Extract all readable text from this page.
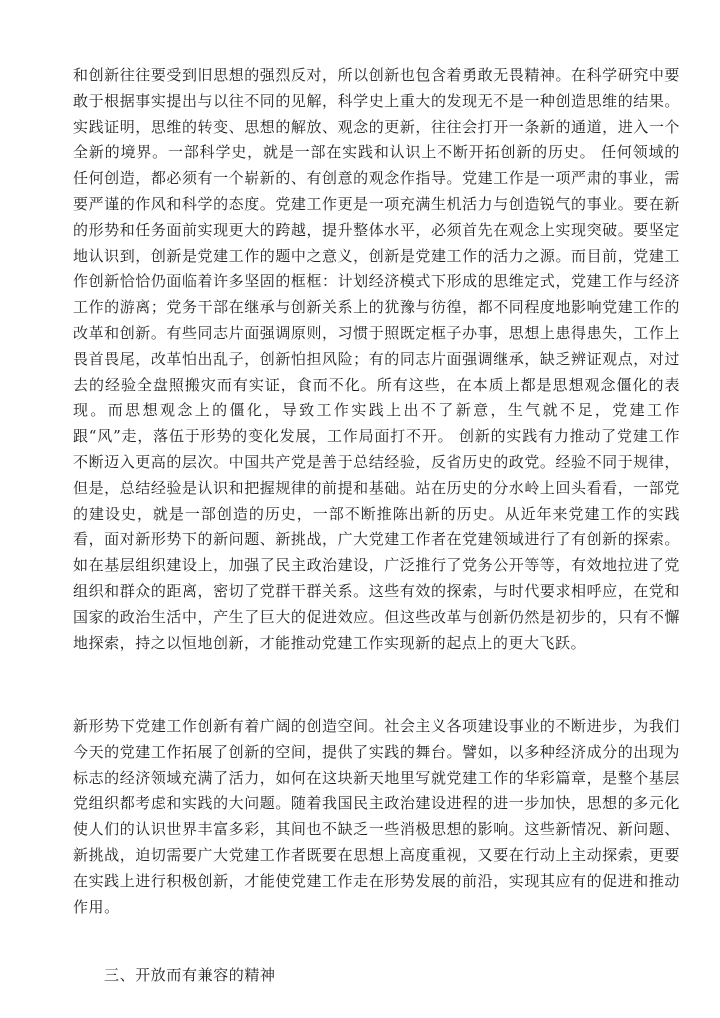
和创新往往要受到旧思想的强烈反对，所以创新也包含着勇敢无畏精神。在科学研究中要敢于根据事实提出与以往不同的见解，科学史上重大的发现无不是一种创造思维的结果。实践证明，思维的转变、思想的解放、观念的更新，往往会打开一条新的通道，进入一个全新的境界。一部科学史，就是一部在实践和认识上不断开拓创新的历史。 任何领域的任何创造，都必须有一个崭新的、有创意的观念作指导。党建工作是一项严肃的事业，需要严谨的作风和科学的态度。党建工作更是一项充满生机活力与创造锐气的事业。要在新的形势和任务面前实现更大的跨越，提升整体水平，必须首先在观念上实现突破。要坚定地认识到，创新是党建工作的题中之意义，创新是党建工作的活力之源。而目前，党建工作创新恰恰仍面临着许多坚固的框框：计划经济模式下形成的思维定式，党建工作与经济工作的游离；党务干部在继承与创新关系上的犹豫与彷徨，都不同程度地影响党建工作的改革和创新。有些同志片面强调原则，习惯于照既定框子办事，思想上患得患失，工作上畏首畏尾，改革怕出乱子，创新怕担风险；有的同志片面强调继承，缺乏辨证观点，对过去的经验全盘照搬灾而有实证，食而不化。所有这些，在本质上都是思想观念僵化的表现。而思想观念上的僵化，导致工作实践上出不了新意，生气就不足，党建工作跟“风”走，落伍于形势的变化发展，工作局面打不开。 创新的实践有力推动了党建工作不断迈入更高的层次。中国共产党是善于总结经验，反省历史的政党。经验不同于规律，但是，总结经验是认识和把握规律的前提和基础。站在历史的分水岭上回头看看，一部党的建设史，就是一部创造的历史，一部不断推陈出新的历史。从近年来党建工作的实践看，面对新形势下的新问题、新挑战，广大党建工作者在党建领域进行了有创新的探索。如在基层组织建设上，加强了民主政治建设，广泛推行了党务公开等等，有效地拉进了党组织和群众的距离，密切了党群干群关系。这些有效的探索，与时代要求相呼应，在党和国家的政治生活中，产生了巨大的促进效应。但这些改革与创新仍然是初步的，只有不懈地探索，持之以恒地创新，才能推动党建工作实现新的起点上的更大飞跃。

新形势下党建工作创新有着广阔的创造空间。社会主义各项建设事业的不断进步，为我们今天的党建工作拓展了创新的空间，提供了实践的舞台。譬如，以多种经济成分的出现为标志的经济领域充满了活力，如何在这块新天地里写就党建工作的华彩篇章，是整个基层党组织都考虑和实践的大问题。随着我国民主政治建设进程的进一步加快，思想的多元化使人们的认识世界丰富多彩，其间也不缺乏一些消极思想的影响。这些新情况、新问题、新挑战，迫切需要广大党建工作者既要在思想上高度重视，又要在行动上主动探索，更要在实践上进行积极创新，才能使党建工作走在形势发展的前沿，实现其应有的促进和推动作用。

三、开放而有兼容的精神
